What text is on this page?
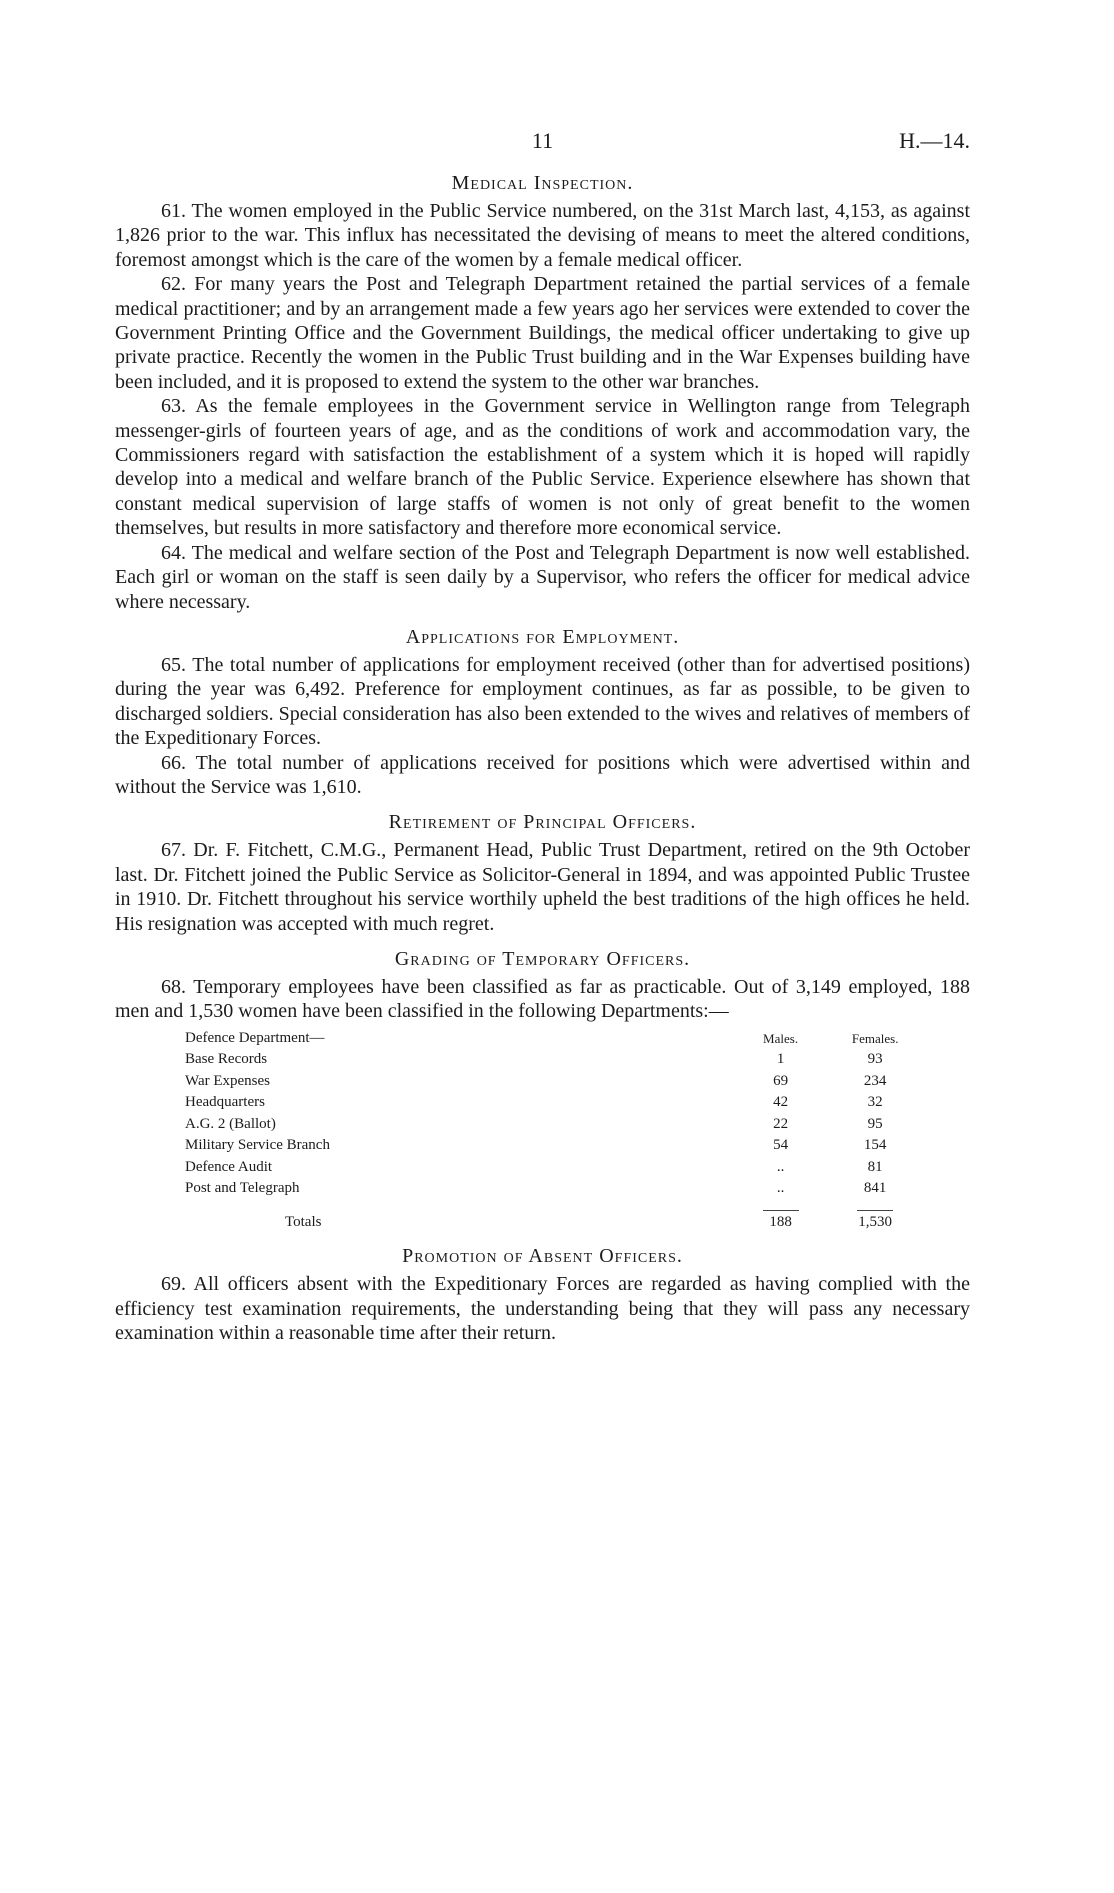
11	H.—14.
Medical Inspection.

61. The women employed in the Public Service numbered, on the 31st March last, 4,153, as against 1,826 prior to the war. This influx has necessitated the devising of means to meet the altered conditions, foremost amongst which is the care of the women by a female medical officer.

62. For many years the Post and Telegraph Department retained the partial services of a female medical practitioner; and by an arrangement made a few years ago her services were extended to cover the Government Printing Office and the Government Buildings, the medical officer undertaking to give up private practice. Recently the women in the Public Trust building and in the War Expenses building have been included, and it is proposed to extend the system to the other war branches.

63. As the female employees in the Government service in Wellington range from Telegraph messenger-girls of fourteen years of age, and as the conditions of work and accommodation vary, the Commissioners regard with satisfaction the establishment of a system which it is hoped will rapidly develop into a medical and welfare branch of the Public Service. Experience elsewhere has shown that constant medical supervision of large staffs of women is not only of great benefit to the women themselves, but results in more satisfactory and therefore more economical service.

64. The medical and welfare section of the Post and Telegraph Department is now well established. Each girl or woman on the staff is seen daily by a Supervisor, who refers the officer for medical advice where necessary.

Applications for Employment.

65. The total number of applications for employment received (other than for advertised positions) during the year was 6,492. Preference for employment continues, as far as possible, to be given to discharged soldiers. Special consideration has also been extended to the wives and relatives of members of the Expeditionary Forces.

66. The total number of applications received for positions which were advertised within and without the Service was 1,610.

Retirement of Principal Officers.

67. Dr. F. Fitchett, C.M.G., Permanent Head, Public Trust Department, retired on the 9th October last. Dr. Fitchett joined the Public Service as Solicitor-General in 1894, and was appointed Public Trustee in 1910. Dr. Fitchett throughout his service worthily upheld the best traditions of the high offices he held. His resignation was accepted with much regret.

Grading of Temporary Officers.

68. Temporary employees have been classified as far as practicable. Out of 3,149 employed, 188 men and 1,530 women have been classified in the following Departments:—

Defence Department—	Males.	Females.
Base Records	1	93
War Expenses	69	234
Headquarters	42	32
A.G. 2 (Ballot)	22	95
Military Service Branch	54	154
Defence Audit	..	81
Post and Telegraph	..	841

Totals	188	1,530
Promotion of Absent Officers.

69. All officers absent with the Expeditionary Forces are regarded as having complied with the efficiency test examination requirements, the understanding being that they will pass any necessary examination within a reasonable time after their return.
